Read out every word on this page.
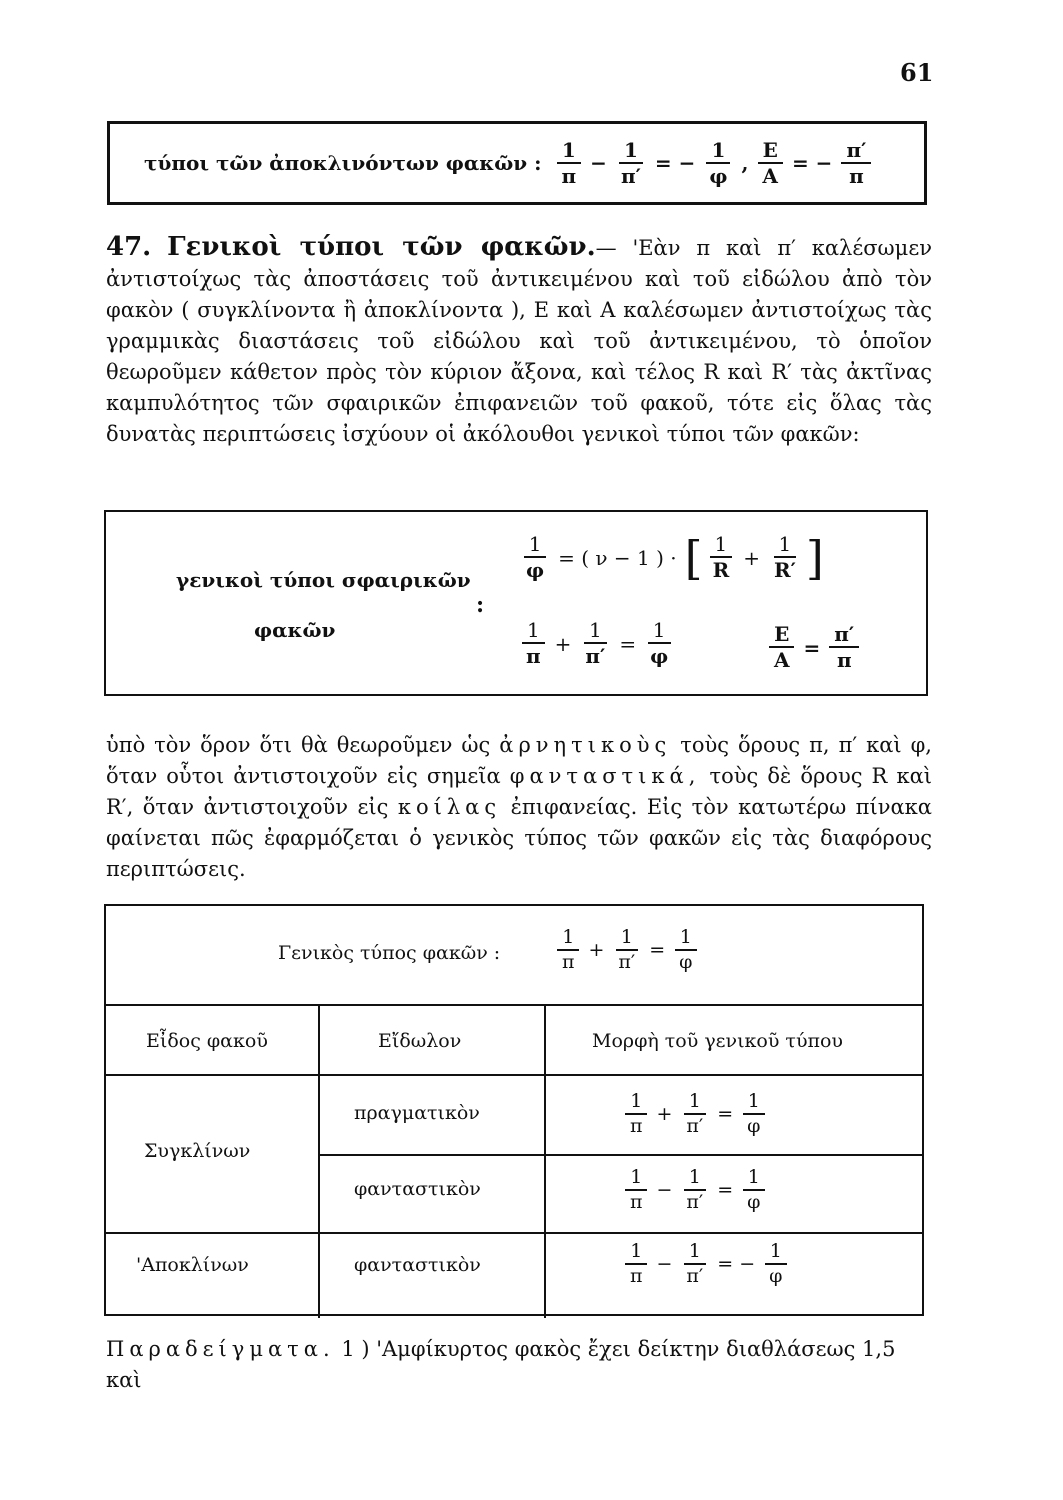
61
τύποι τῶν ἀποκλινόντων φακῶν : $\frac{1}{\pi} - \frac{1}{\pi'}$ = − $\frac{1}{\varphi}$ , $\frac{E}{A}$ = − $\frac{\pi'}{\pi}$

47. Γενικοὶ τύποι τῶν φακῶν.— 'Εὰν π καὶ π′ καλέσωμεν ἀντιστοίχως τὰς ἀποστάσεις τοῦ ἀντικειμένου καὶ τοῦ εἰδώλου ἀπὸ τὸν φακὸν ( συγκλίνοντα ἢ ἀποκλίνοντα ), Ε καὶ Α καλέσωμεν ἀντιστοίχως τὰς γραμμικὰς διαστάσεις τοῦ εἰδώλου καὶ τοῦ ἀντικειμένου, τὸ ὁποῖον θεωροῦμεν κάθετον πρὸς τὸν κύριον ἄξονα, καὶ τέλος R καὶ R′ τὰς ἀκτῖνας καμπυλότητος τῶν σφαιρικῶν ἐπιφανειῶν τοῦ φακοῦ, τότε εἰς ὅλας τὰς δυνατὰς περιπτώσεις ἰσχύουν οἱ ἀκόλουθοι γενικοὶ τύποι τῶν φακῶν:

γενικοὶ τύποι σφαιρικῶν
φακῶν
:
$\frac{1}{\varphi}$ = ( ν − 1 ) · [ $\frac{1}{R} + \frac{1}{R'}$ ]
$\frac{1}{\pi} + \frac{1}{\pi'} = \frac{1}{\varphi}$	$\frac{E}{A} = \frac{\pi'}{\pi}$

ὑπὸ τὸν ὅρον ὅτι θὰ θεωροῦμεν ὡς ἀρνητικοὺς τοὺς ὅρους π, π′ καὶ φ, ὅταν οὗτοι ἀντιστοιχοῦν εἰς σημεῖα φανταστικά, τοὺς δὲ ὅρους R καὶ R′, ὅταν ἀντιστοιχοῦν εἰς κοίλας ἐπιφανείας. Εἰς τὸν κατωτέρω πίνακα φαίνεται πῶς ἐφαρμόζεται ὁ γενικὸς τύπος τῶν φακῶν εἰς τὰς διαφόρους περιπτώσεις.

Γενικὸς τύπος φακῶν :	$\frac{1}{\pi} + \frac{1}{\pi'} = \frac{1}{\varphi}$
Εἶδος φακοῦ	Εἴδωλον	Μορφὴ τοῦ γενικοῦ τύπου
Συγκλίνων
πραγματικὸν	$\frac{1}{\pi} + \frac{1}{\pi'} = \frac{1}{\varphi}$
φανταστικὸν	$\frac{1}{\pi} - \frac{1}{\pi'} = \frac{1}{\varphi}$
'Αποκλίνων	φανταστικὸν	$\frac{1}{\pi} - \frac{1}{\pi'}$ = − $\frac{1}{\varphi}$

Παραδείγματα. 1 ) 'Αμφίκυρτος φακὸς ἔχει δείκτην διαθλάσεως 1,5 καὶ
